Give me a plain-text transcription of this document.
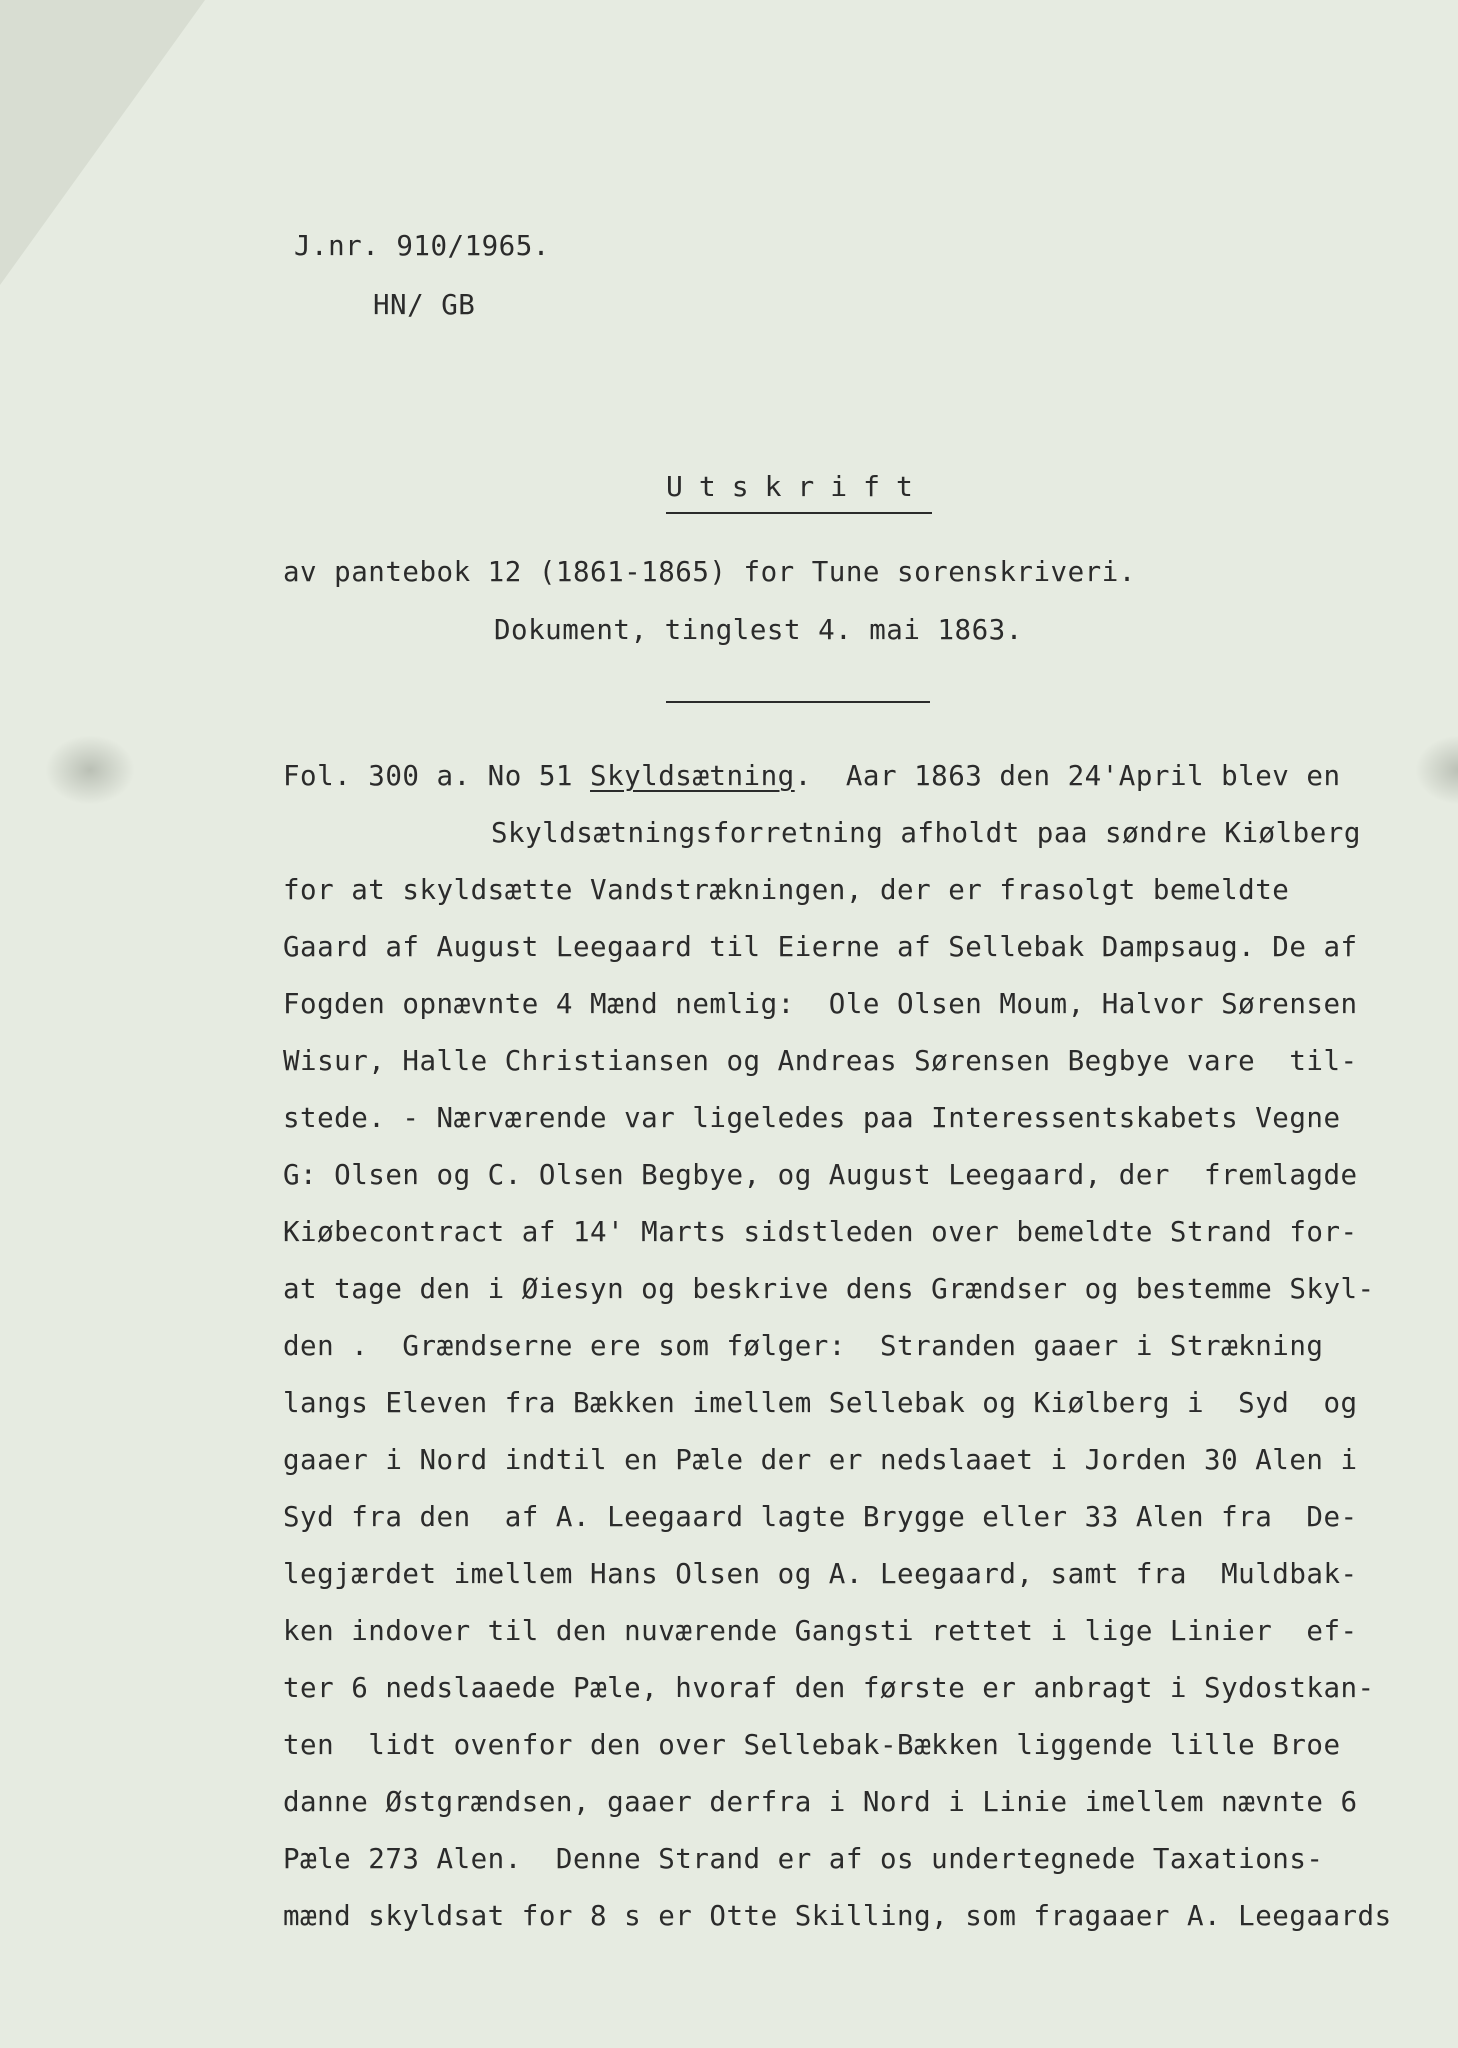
J.nr. 910/1965.
HN/ GB
Utskrift
av pantebok 12 (1861-1865) for Tune sorenskriveri.
Dokument, tinglest 4. mai 1863.
Fol. 300 a. No 51 Skyldsætning.  Aar 1863 den 24'April blev en
Skyldsætningsforretning afholdt paa søndre Kiølberg
for at skyldsætte Vandstrækningen, der er frasolgt bemeldte
Gaard af August Leegaard til Eierne af Sellebak Dampsaug. De af
Fogden opnævnte 4 Mænd nemlig:  Ole Olsen Moum, Halvor Sørensen
Wisur, Halle Christiansen og Andreas Sørensen Begbye vare  til-
stede. - Nærværende var ligeledes paa Interessentskabets Vegne
G: Olsen og C. Olsen Begbye, og August Leegaard, der  fremlagde
Kiøbecontract af 14' Marts sidstleden over bemeldte Strand for-
at tage den i Øiesyn og beskrive dens Grændser og bestemme Skyl-
den .  Grændserne ere som følger:  Stranden gaaer i Strækning
langs Eleven fra Bækken imellem Sellebak og Kiølberg i  Syd  og
gaaer i Nord indtil en Pæle der er nedslaaet i Jorden 30 Alen i
Syd fra den  af A. Leegaard lagte Brygge eller 33 Alen fra  De-
legjærdet imellem Hans Olsen og A. Leegaard, samt fra  Muldbak-
ken indover til den nuværende Gangsti rettet i lige Linier  ef-
ter 6 nedslaaede Pæle, hvoraf den første er anbragt i Sydostkan-
ten  lidt ovenfor den over Sellebak-Bækken liggende lille Broe
danne Østgrændsen, gaaer derfra i Nord i Linie imellem nævnte 6
Pæle 273 Alen.  Denne Strand er af os undertegnede Taxations-
mænd skyldsat for 8 s er Otte Skilling, som fragaaer A. Leegaards
